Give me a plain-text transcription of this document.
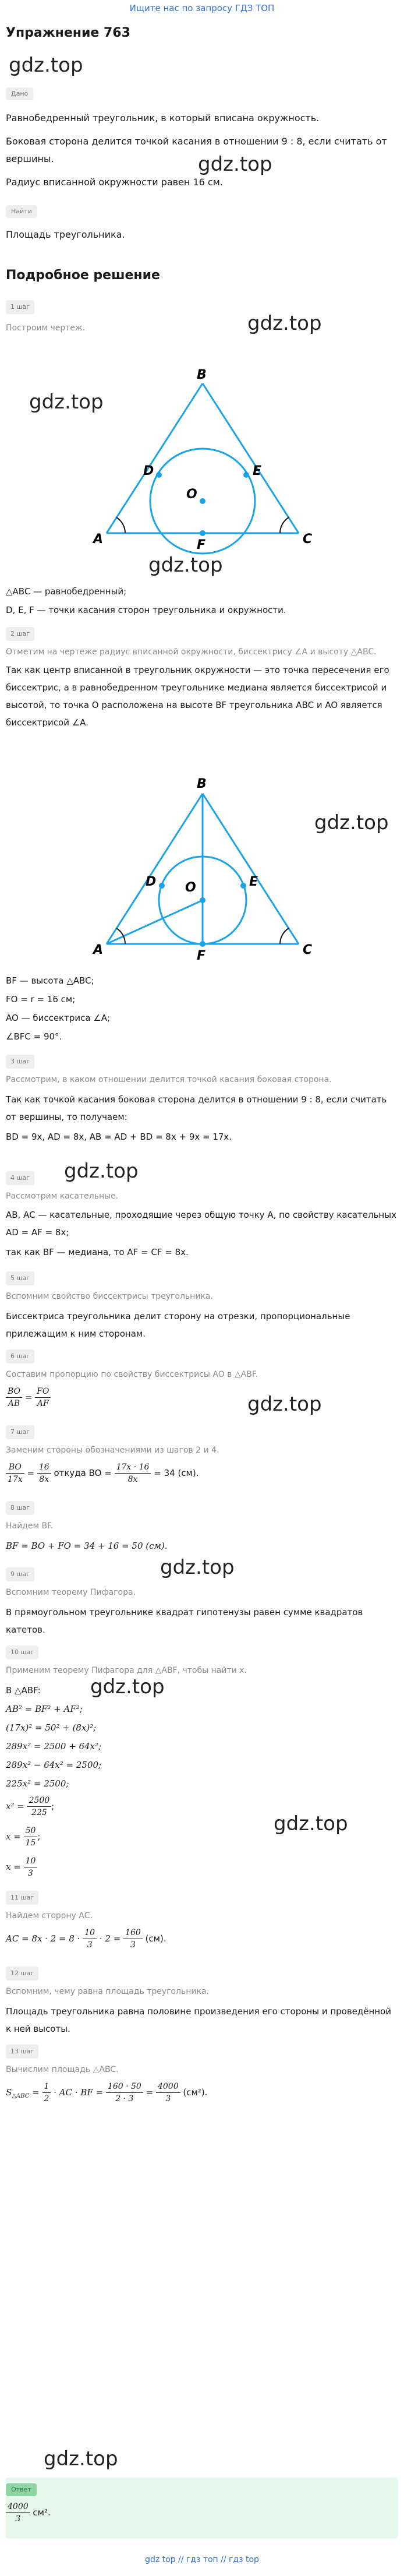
Ищите нас по запросу ГДЗ ТОП
Упражнение 763
gdz.top
Дано
Равнобедренный треугольник, в который вписана окружность.
Боковая сторона делится точкой касания в отношении 9 : 8, если считать от вершины.
Радиус вписанной окружности равен 16 см.
gdz.top
Найти
Площадь треугольника.
Подробное решение
1 шаг
Построим чертеж.	gdz.top
gdz.top
B
A	C
D	E
F
O
B
A	C
D	E
F
O
gdz.top
△ABC — равнобедренный;
D, E, F — точки касания сторон треугольника и окружности.
2 шаг
Отметим на чертеже радиус вписанной окружности, биссектрису ∠A и высоту △ABC.
Так как центр вписанной в треугольник окружности — это точка пересечения его биссектрис, а в равнобедренном треугольнике медиана является биссектрисой и высотой, то точка O расположена на высоте BF треугольника ABC и AO является биссектрисой ∠A.
gdz.top
BF — высота △ABC;
FO = r = 16 см;
AO — биссектриса ∠A;
∠BFC = 90°.
3 шаг
Рассмотрим, в каком отношении делится точкой касания боковая сторона.
Так как точкой касания боковая сторона делится в отношении 9 : 8, если считать от вершины, то получаем:
BD = 9x, AD = 8x, AB = AD + BD = 8x + 9x = 17x.
gdz.top
4 шаг
Рассмотрим касательные.
AB, AC — касательные, проходящие через общую точку A, по свойству касательных AD = AF = 8x;
так как BF — медиана, то AF = CF = 8x.
5 шаг
Вспомним свойство биссектрисы треугольника.
Биссектриса треугольника делит сторону на отрезки, пропорциональные прилежащим к ним сторонам.
6 шаг
Составим пропорцию по свойству биссектрисы AO в △ABF.
$\frac{BO}{AB} = \frac{FO}{AF}$	gdz.top
7 шаг
Заменим стороны обозначениями из шагов 2 и 4.
$\frac{BO}{17x} = \frac{16}{8x}$ откуда BO = $\frac{17x \cdot 16}{8x} = 34$ (см).
8 шаг
Найдем BF.
BF = BO + FO = 34 + 16 = 50 (см).
gdz.top
9 шаг
Вспомним теорему Пифагора.
В прямоугольном треугольнике квадрат гипотенузы равен сумме квадратов катетов.
10 шаг
Применим теорему Пифагора для △ABF, чтобы найти x.
gdz.top
В △ABF:
AB² = BF² + AF²;
(17x)² = 50² + (8x)²;
289x² = 2500 + 64x²;
289x² − 64x² = 2500;
225x² = 2500;
$x^2 = \frac{2500}{225}$ ;
gdz.top
$x = \frac{50}{15}$ ;
$x = \frac{10}{3}$
11 шаг
Найдем сторону AC.
AC = $8x \cdot 2 = 8 \cdot \frac{10}{3} \cdot 2 = \frac{160}{3} (см)$.
12 шаг
Вспомним, чему равна площадь треугольника.
Площадь треугольника равна половине произведения его стороны и проведённой к ней высоты.
13 шаг
Вычислим площадь △ABC.
$S_{\triangle ABC} = \frac{1}{2}$ · AC · BF = $\frac{160 \cdot 50}{2 \cdot 3} = \frac{4000}{3} (см^2)$.
gdz.top
Ответ
$\frac{4000}{3} см^2$.
gdz top // гдз топ // гдз top
